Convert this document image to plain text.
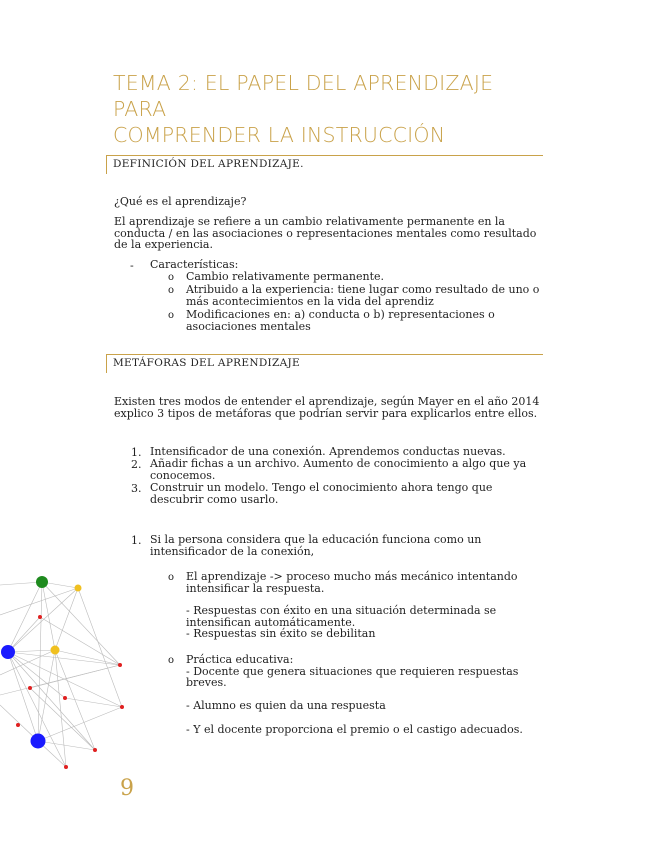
TEMA 2: EL PAPEL DEL APRENDIZAJE PARA
COMPRENDER LA INSTRUCCIÓN
DEFINICIÓN DEL APRENDIZAJE.
¿Qué es el aprendizaje?
El aprendizaje se refiere a un cambio relativamente permanente en la
conducta / en las asociaciones o representaciones mentales como resultado
de la experiencia.
- Características:
o Cambio relativamente permanente.
o Atribuido a la experiencia: tiene lugar como resultado de uno o
más acontecimientos en la vida del aprendiz
o Modificaciones en: a) conducta o b) representaciones o
asociaciones mentales
METÁFORAS DEL APRENDIZAJE
Existen tres modos de entender el aprendizaje, según Mayer en el año 2014
explico 3 tipos de metáforas que podrían servir para explicarlos entre ellos.
1. Intensificador de una conexión. Aprendemos conductas nuevas.
2. Añadir fichas a un archivo. Aumento de conocimiento a algo que ya
conocemos.
3. Construir un modelo. Tengo el conocimiento ahora tengo que
descubrir como usarlo.
1. Si la persona considera que la educación funciona como un
intensificador de la conexión,
o El aprendizaje -> proceso mucho más mecánico intentando
intensificar la respuesta.
- Respuestas con éxito en una situación determinada se
intensifican automáticamente.
- Respuestas sin éxito se debilitan
o Práctica educativa:
- Docente que genera situaciones que requieren respuestas
breves.
- Alumno es quien da una respuesta
- Y el docente proporciona el premio o el castigo adecuados.
9
